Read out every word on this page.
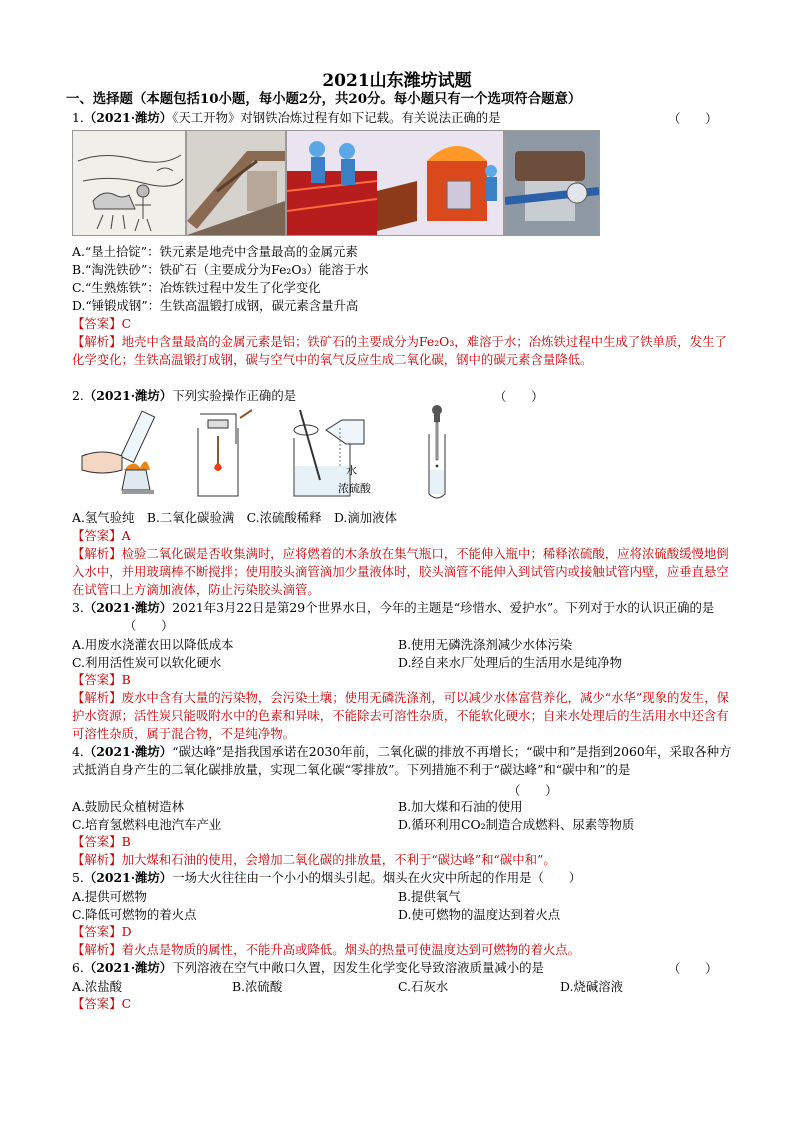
2021山东潍坊试题
一、选择题（本题包括10小题，每小题2分，共20分。每小题只有一个选项符合题意）
1.（2021·潍坊）《天工开物》对钢铁冶炼过程有如下记载。有关说法正确的是	（　　）
A.“垦土拾锭”：铁元素是地壳中含量最高的金属元素
B.“淘洗铁砂”：铁矿石（主要成分为Fe₂O₃）能溶于水
C.“生熟炼铁”：冶炼铁过程中发生了化学变化
D.“锤锻成钢”：生铁高温锻打成钢，碳元素含量升高
【答案】C
【解析】地壳中含量最高的金属元素是铝；铁矿石的主要成分为Fe₂O₃，难溶于水；冶炼铁过程中生成了铁单质，发生了化学变化；生铁高温锻打成钢，碳与空气中的氧气反应生成二氧化碳，钢中的碳元素含量降低。
2.（2021·潍坊）下列实验操作正确的是	（　　）
水
浓硫酸
A.氢气验纯　B.二氧化碳验满　C.浓硫酸稀释　D.滴加液体
【答案】A
【解析】检验二氧化碳是否收集满时，应将燃着的木条放在集气瓶口，不能伸入瓶中；稀释浓硫酸，应将浓硫酸缓慢地倒入水中，并用玻璃棒不断搅拌；使用胶头滴管滴加少量液体时，胶头滴管不能伸入到试管内或接触试管内壁，应垂直悬空在试管口上方滴加液体，防止污染胶头滴管。
3.（2021·潍坊）2021年3月22日是第29个世界水日，今年的主题是“珍惜水、爱护水”。下列对于水的认识正确的是（　　）
A.用废水浇灌农田以降低成本	B.使用无磷洗涤剂减少水体污染
C.利用活性炭可以软化硬水	D.经自来水厂处理后的生活用水是纯净物
【答案】B
【解析】废水中含有大量的污染物，会污染土壤；使用无磷洗涤剂，可以减少水体富营养化，减少“水华”现象的发生，保护水资源；活性炭只能吸附水中的色素和异味，不能除去可溶性杂质，不能软化硬水；自来水处理后的生活用水中还含有可溶性杂质，属于混合物，不是纯净物。
4.（2021·潍坊）“碳达峰”是指我国承诺在2030年前，二氧化碳的排放不再增长；“碳中和”是指到2060年，采取各种方式抵消自身产生的二氧化碳排放量，实现二氧化碳“零排放”。下列措施不利于“碳达峰”和“碳中和”的是
（　　）
A.鼓励民众植树造林	B.加大煤和石油的使用
C.培育氢燃料电池汽车产业	D.循环利用CO₂制造合成燃料、尿素等物质
【答案】B
【解析】加大煤和石油的使用，会增加二氧化碳的排放量，不利于“碳达峰”和“碳中和”。
5.（2021·潍坊）一场大火往往由一个小小的烟头引起。烟头在火灾中所起的作用是（　　）
A.提供可燃物	B.提供氧气
C.降低可燃物的着火点	D.使可燃物的温度达到着火点
【答案】D
【解析】着火点是物质的属性，不能升高或降低。烟头的热量可使温度达到可燃物的着火点。
6.（2021·潍坊）下列溶液在空气中敞口久置，因发生化学变化导致溶液质量减小的是	（　　）
A.浓盐酸	B.浓硫酸	C.石灰水	D.烧碱溶液
【答案】C
